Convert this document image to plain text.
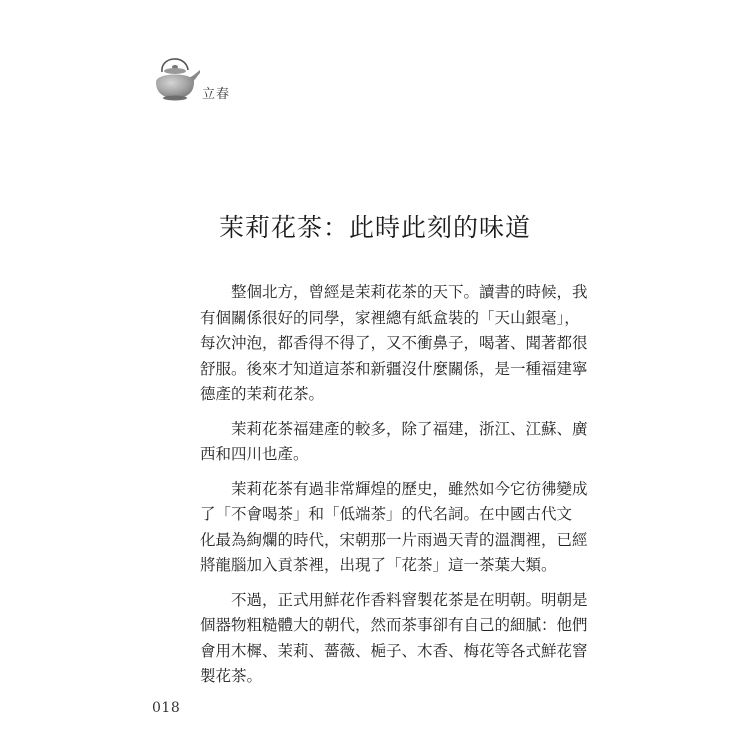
立春
茉莉花茶：此時此刻的味道

整個北方，曾經是茉莉花茶的天下。讀書的時候，我
有個關係很好的同學，家裡總有紙盒裝的「天山銀毫」，
每次沖泡，都香得不得了，又不衝鼻子，喝著、聞著都很
舒服。後來才知道這茶和新疆沒什麼關係，是一種福建寧
德產的茉莉花茶。

茉莉花茶福建產的較多，除了福建，浙江、江蘇、廣
西和四川也產。

茉莉花茶有過非常輝煌的歷史，雖然如今它彷彿變成
了「不會喝茶」和「低端茶」的代名詞。在中國古代文
化最為絢爛的時代，宋朝那一片雨過天青的溫潤裡，已經
將龍腦加入貢茶裡，出現了「花茶」這一茶葉大類。

不過，正式用鮮花作香料窨製花茶是在明朝。明朝是
個器物粗糙體大的朝代，然而茶事卻有自己的細膩：他們
會用木樨、茉莉、薔薇、梔子、木香、梅花等各式鮮花窨
製花茶。

018
